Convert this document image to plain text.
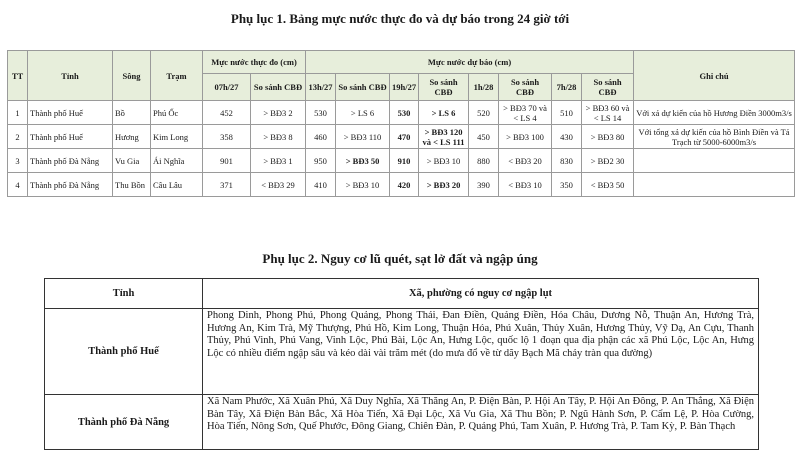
Phụ lục 1. Bảng mực nước thực đo và dự báo trong 24 giờ tới
TT	Tỉnh	Sông	Trạm	Mực nước thực đo (cm)		Mực nước dự báo (cm)								Ghi chú
				07h/27	So sánh CBĐ	13h/27	So sánh CBĐ	19h/27	So sánh CBĐ	1h/28	So sánh CBĐ	7h/28	So sánh CBĐ	
1	Thành phố Huế	Bồ	Phú Ốc	452	> BĐ3 2	530	> LS 6	530	> LS 6	520	> BĐ3 70 và < LS 4	510	> BĐ3 60 và < LS 14	Với xả dự kiến của hồ Hương Điền 3000m3/s
2	Thành phố Huế	Hương	Kim Long	358	> BĐ3 8	460	> BĐ3 110	470	> BĐ3 120 và < LS 111	450	> BĐ3 100	430	> BĐ3 80	Với tổng xả dự kiến của hồ Bình Điền và Tả Trạch từ 5000-6000m3/s
3	Thành phố Đà Nẵng	Vu Gia	Ái Nghĩa	901	> BĐ3 1	950	> BĐ3 50	910	> BĐ3 10	880	< BĐ3 20	830	> BĐ2 30	
4	Thành phố Đà Nẵng	Thu Bồn	Câu Lâu	371	< BĐ3 29	410	> BĐ3 10	420	> BĐ3 20	390	< BĐ3 10	350	< BĐ3 50	
Phụ lục 2. Nguy cơ lũ quét, sạt lở đất và ngập úng
Tỉnh	Xã, phường có nguy cơ ngập lụt
Thành phố Huế	Phong Dinh, Phong Phú, Phong Quảng, Phong Thái, Đan Điền, Quảng Điền, Hóa Châu, Dương Nỗ, Thuận An, Hương Trà, Hương An, Kim Trà, Mỹ Thượng, Phú Hồ, Kim Long, Thuận Hóa, Phú Xuân, Thủy Xuân, Hương Thủy, Vỹ Dạ, An Cựu, Thanh Thủy, Phú Vinh, Phú Vang, Vinh Lộc, Phú Bài, Lộc An, Hưng Lộc, quốc lộ 1 đoạn qua địa phận các xã Phú Lộc, Lộc An, Hưng Lộc có nhiều điểm ngập sâu và kéo dài vài trăm mét (do mưa đổ về từ dãy Bạch Mã chảy tràn qua đường)
Thành phố Đà Nẵng	Xã Nam Phước, Xã Xuân Phú, Xã Duy Nghĩa, Xã Thăng An, P. Điện Bàn, P. Hội An Tây, P. Hội An Đông, P. An Thắng, Xã Điện Bàn Tây, Xã Điện Bàn Bắc, Xã Hòa Tiến, Xã Đại Lộc, Xã Vu Gia, Xã Thu Bồn; P. Ngũ Hành Sơn, P. Cẩm Lệ, P. Hòa Cường, Hòa Tiến, Nông Sơn, Quế Phước, Đông Giang, Chiên Đàn, P. Quảng Phú, Tam Xuân, P. Hương Trà, P. Tam Kỳ, P. Bàn Thạch
